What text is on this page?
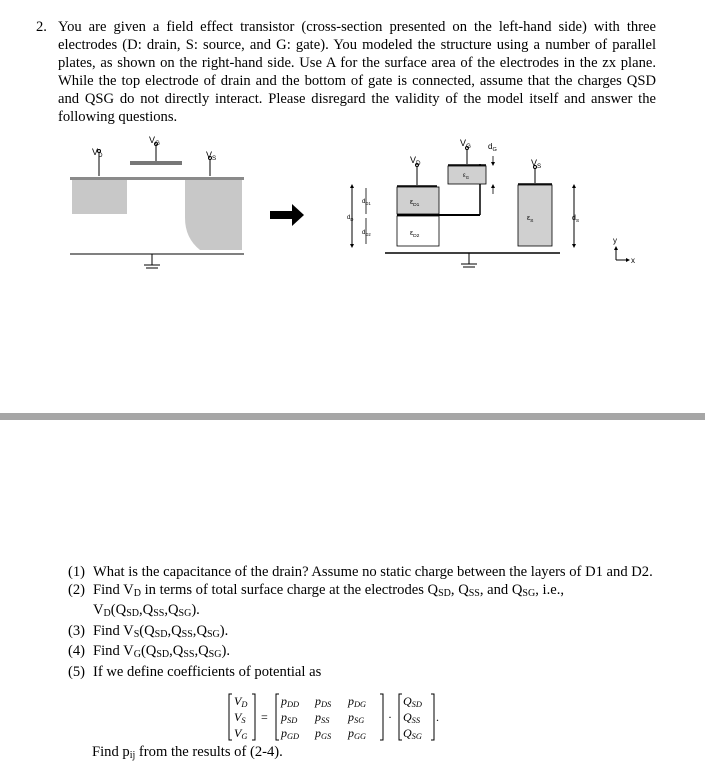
2. You are given a field effect transistor (cross-section presented on the left-hand side) with three electrodes (D: drain, S: source, and G: gate). You modeled the structure using a number of parallel plates, as shown on the right-hand side. Use A for the surface area of the electrodes in the zx plane. While the top electrode of drain and the bottom of gate is connected, assume that the charges QSD and QSG do not directly interact. Please disregard the validity of the model itself and answer the following questions.
$V_D$
$V_G$
$V_S$
$d_{D1}$
$d_D$
$d_{D2}$
$V_D$
$\varepsilon_{D1}$
$\varepsilon_{D2}$
$\varepsilon_G$
$V_G$ $d_G$
$V_S$
$\varepsilon_S$	$d_S$
y
x
(1) What is the capacitance of the drain? Assume no static charge between the layers of D1 and D2.
(2) Find $V_D$ in terms of total surface charge at the electrodes $Q_{SD}$, $Q_{SS}$, and $Q_{SG}$, i.e., $V_D(Q_{SD},Q_{SS},Q_{SG})$.
(3) Find $V_S(Q_{SD},Q_{SS},Q_{SG})$.
(4) Find $V_G(Q_{SD},Q_{SS},Q_{SG})$.
(5) If we define coefficients of potential as
VD
VS
VG
=
pDD pDS pDG
pSD pSS pSG
pGD pGS pGG
·
QSD
QSS
QSG
.
Find $p_{ij}$ from the results of (2-4).
